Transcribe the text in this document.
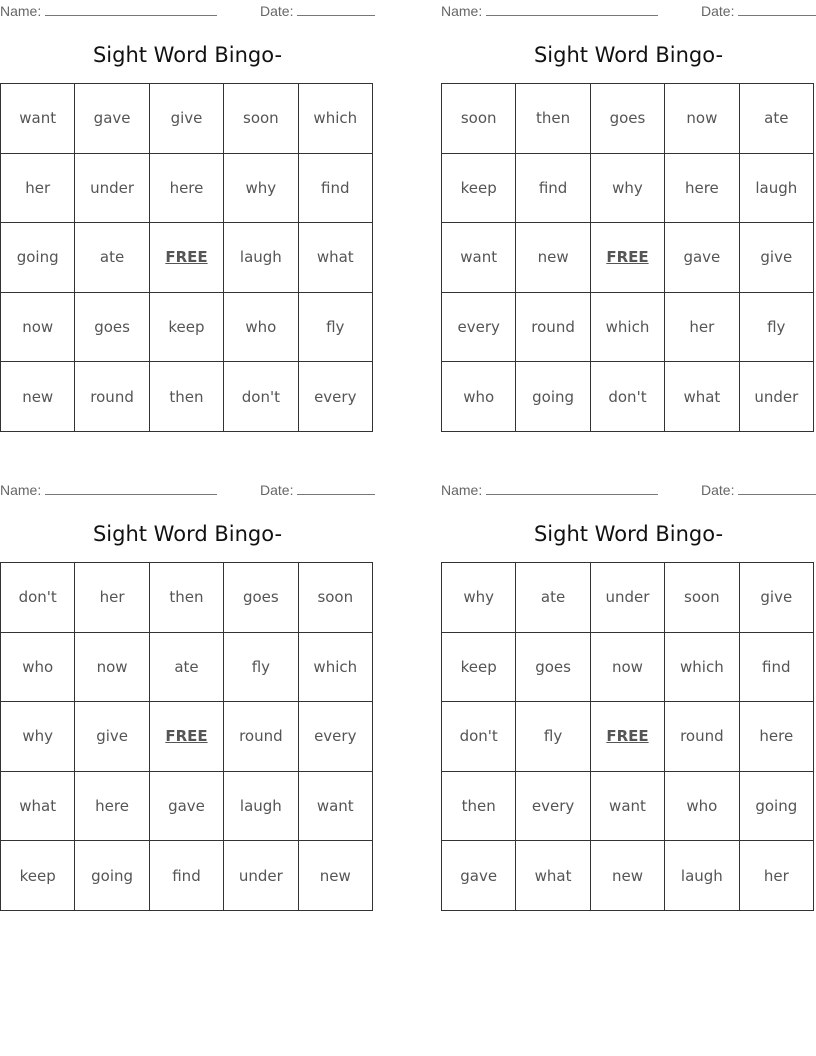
Name:	Date:
Sight Word Bingo-
want	gave	give	soon	which
her	under	here	why	find
going	ate	FREE	laugh	what
now	goes	keep	who	fly
new	round	then	don't	every
Name:	Date:
Sight Word Bingo-
soon	then	goes	now	ate
keep	find	why	here	laugh
want	new	FREE	gave	give
every	round	which	her	fly
who	going	don't	what	under
Name:	Date:
Sight Word Bingo-
don't	her	then	goes	soon
who	now	ate	fly	which
why	give	FREE	round	every
what	here	gave	laugh	want
keep	going	find	under	new
Name:	Date:
Sight Word Bingo-
why	ate	under	soon	give
keep	goes	now	which	find
don't	fly	FREE	round	here
then	every	want	who	going
gave	what	new	laugh	her
